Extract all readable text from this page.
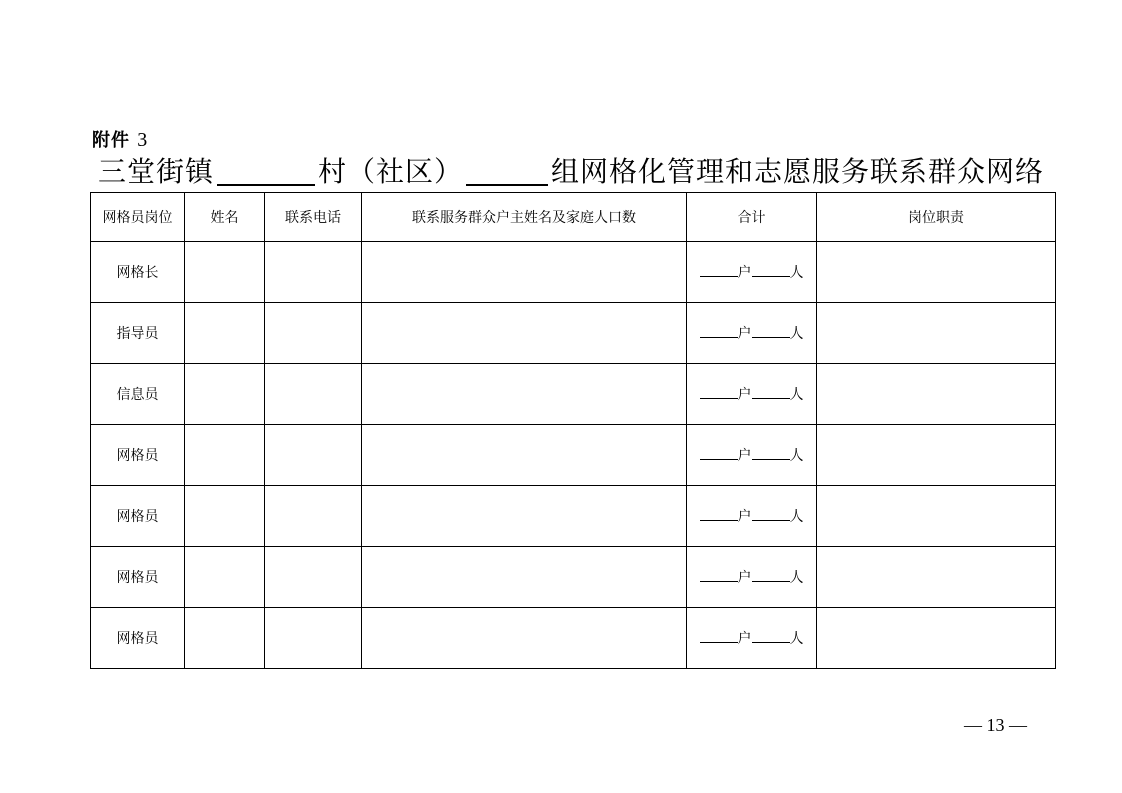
附件 3
三堂街镇	村（社区）	组网格化管理和志愿服务联系群众网络
网格员岗位	姓名	联系电话	联系服务群众户主姓名及家庭人口数	合计	岗位职责
网格长				户 人	
指导员				户 人	
信息员				户 人	
网格员				户 人	
网格员				户 人	
网格员				户 人	
网格员				户 人	
— 13 —
